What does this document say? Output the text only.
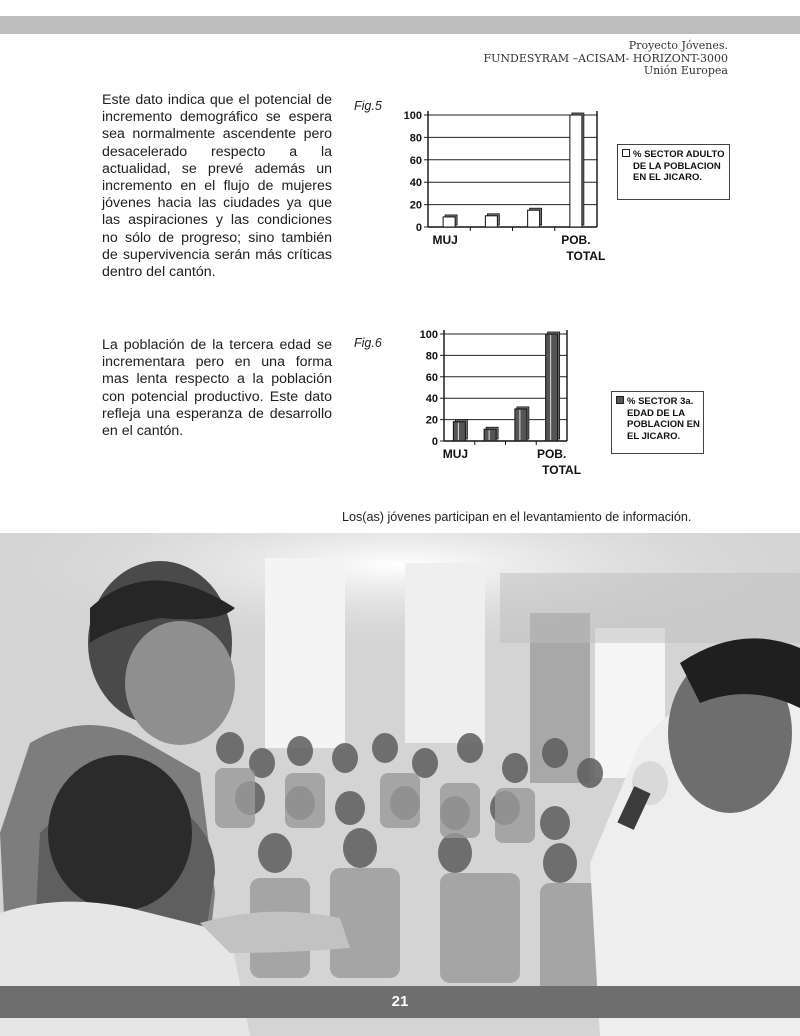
Proyecto Jóvenes.
FUNDESYRAM –ACISAM- HORIZONT-3000
Unión Europea
Este dato indica que el potencial de incremento demográfico se espera sea normalmente ascendente pero desacelerado respecto a la actualidad, se prevé además un incremento en el flujo de mujeres jóvenes hacia las ciudades ya que las aspiraciones y las condiciones no sólo de progreso; sino también de supervivencia serán más críticas dentro del cantón.
La población de la tercera edad se incrementara pero en una forma mas lenta respecto a la población con potencial productivo. Este dato refleja una esperanza de desarrollo en el cantón.
Fig.5
Fig.6
0
20
40
60
80
100
MUJ	POB.
TOTAL
0
20
40
60
80
100
MUJ	POB.
TOTAL
% SECTOR ADULTO
DE LA POBLACION
EN EL JICARO.
% SECTOR 3a.
EDAD DE LA
POBLACION EN
EL JICARO.
Los(as) jóvenes participan en el levantamiento de información.
21
